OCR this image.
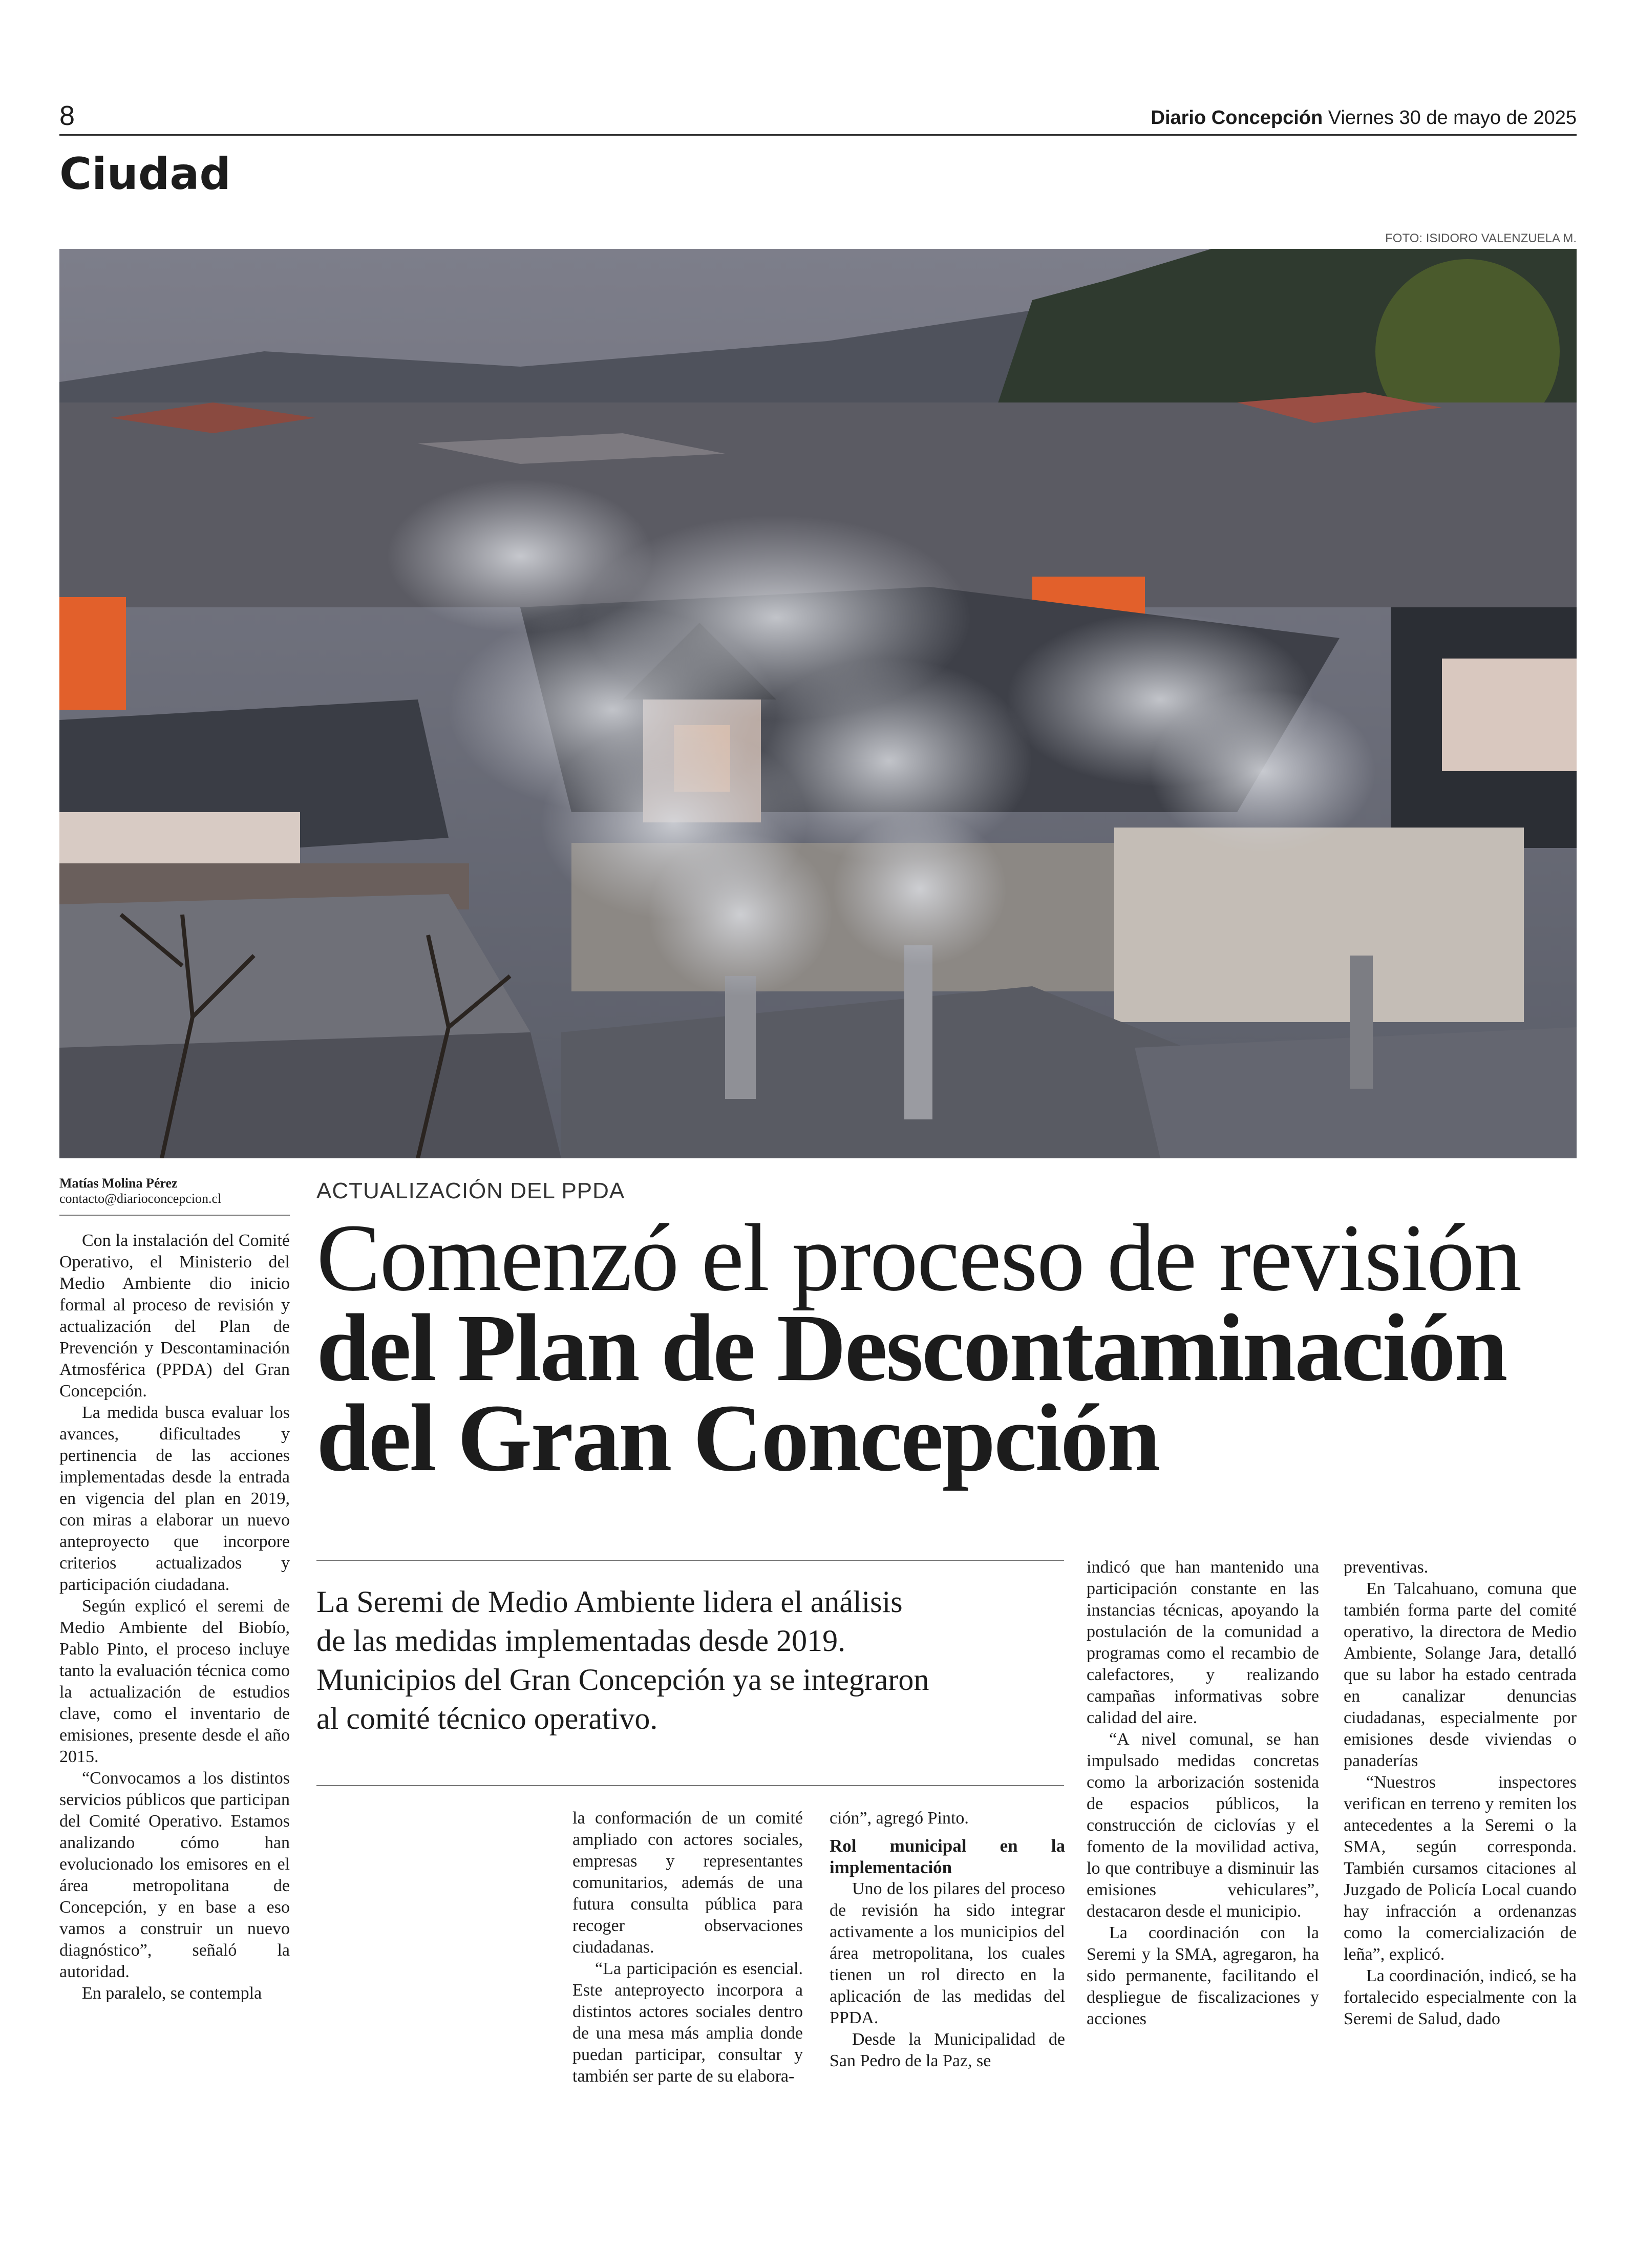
8	Diario Concepción Viernes 30 de mayo de 2025
Ciudad
FOTO: ISIDORO VALENZUELA M.
Matías Molina Pérez
contacto@diarioconcepcion.cl	ACTUALIZACIÓN DEL PPDA
Comenzó el proceso de revisión
del Plan de Descontaminación
del Gran Concepción
La Seremi de Medio Ambiente lidera el análisis
de las medidas implementadas desde 2019.
Municipios del Gran Concepción ya se integraron
al comité técnico operativo.

Con la instalación del Comité Operativo, el Ministerio del Medio Ambiente dio inicio formal al proceso de revisión y actualización del Plan de Prevención y Descontaminación Atmosférica (PPDA) del Gran Concepción.

La medida busca evaluar los avances, dificultades y pertinencia de las acciones implementadas desde la entrada en vigencia del plan en 2019, con miras a elaborar un nuevo anteproyecto que incorpore criterios actualizados y participación ciudadana.

Según explicó el seremi de Medio Ambiente del Biobío, Pablo Pinto, el proceso incluye tanto la evaluación técnica como la actualización de estudios clave, como el inventario de emisiones, presente desde el año 2015.

“Convocamos a los distintos servicios públicos que participan del Comité Operativo. Estamos analizando cómo han evolucionado los emisores en el área metropolitana de Concepción, y en base a eso vamos a construir un nuevo diagnóstico”, señaló la autoridad.

En paralelo, se contempla

la conformación de un comité ampliado con actores sociales, empresas y representantes comunitarios, además de una futura consulta pública para recoger observaciones ciudadanas.

“La participación es esencial. Este anteproyecto incorpora a distintos actores sociales dentro de una mesa más amplia donde puedan participar, consultar y también ser parte de su elabora-

ción”, agregó Pinto.

Rol municipal en la implementación

Uno de los pilares del proceso de revisión ha sido integrar activamente a los municipios del área metropolitana, los cuales tienen un rol directo en la aplicación de las medidas del PPDA.

Desde la Municipalidad de San Pedro de la Paz, se

indicó que han mantenido una participación constante en las instancias técnicas, apoyando la postulación de la comunidad a programas como el recambio de calefactores, y realizando campañas informativas sobre calidad del aire.

“A nivel comunal, se han impulsado medidas concretas como la arborización sostenida de espacios públicos, la construcción de ciclovías y el fomento de la movilidad activa, lo que contribuye a disminuir las emisiones vehiculares”, destacaron desde el municipio.

La coordinación con la Seremi y la SMA, agregaron, ha sido permanente, facilitando el despliegue de fiscalizaciones y acciones

preventivas.

En Talcahuano, comuna que también forma parte del comité operativo, la directora de Medio Ambiente, Solange Jara, detalló que su labor ha estado centrada en canalizar denuncias ciudadanas, especialmente por emisiones desde viviendas o panaderías

“Nuestros inspectores verifican en terreno y remiten los antecedentes a la Seremi o la SMA, según corresponda. También cursamos citaciones al Juzgado de Policía Local cuando hay infracción a ordenanzas como la comercialización de leña”, explicó.

La coordinación, indicó, se ha fortalecido especialmente con la Seremi de Salud, dado
